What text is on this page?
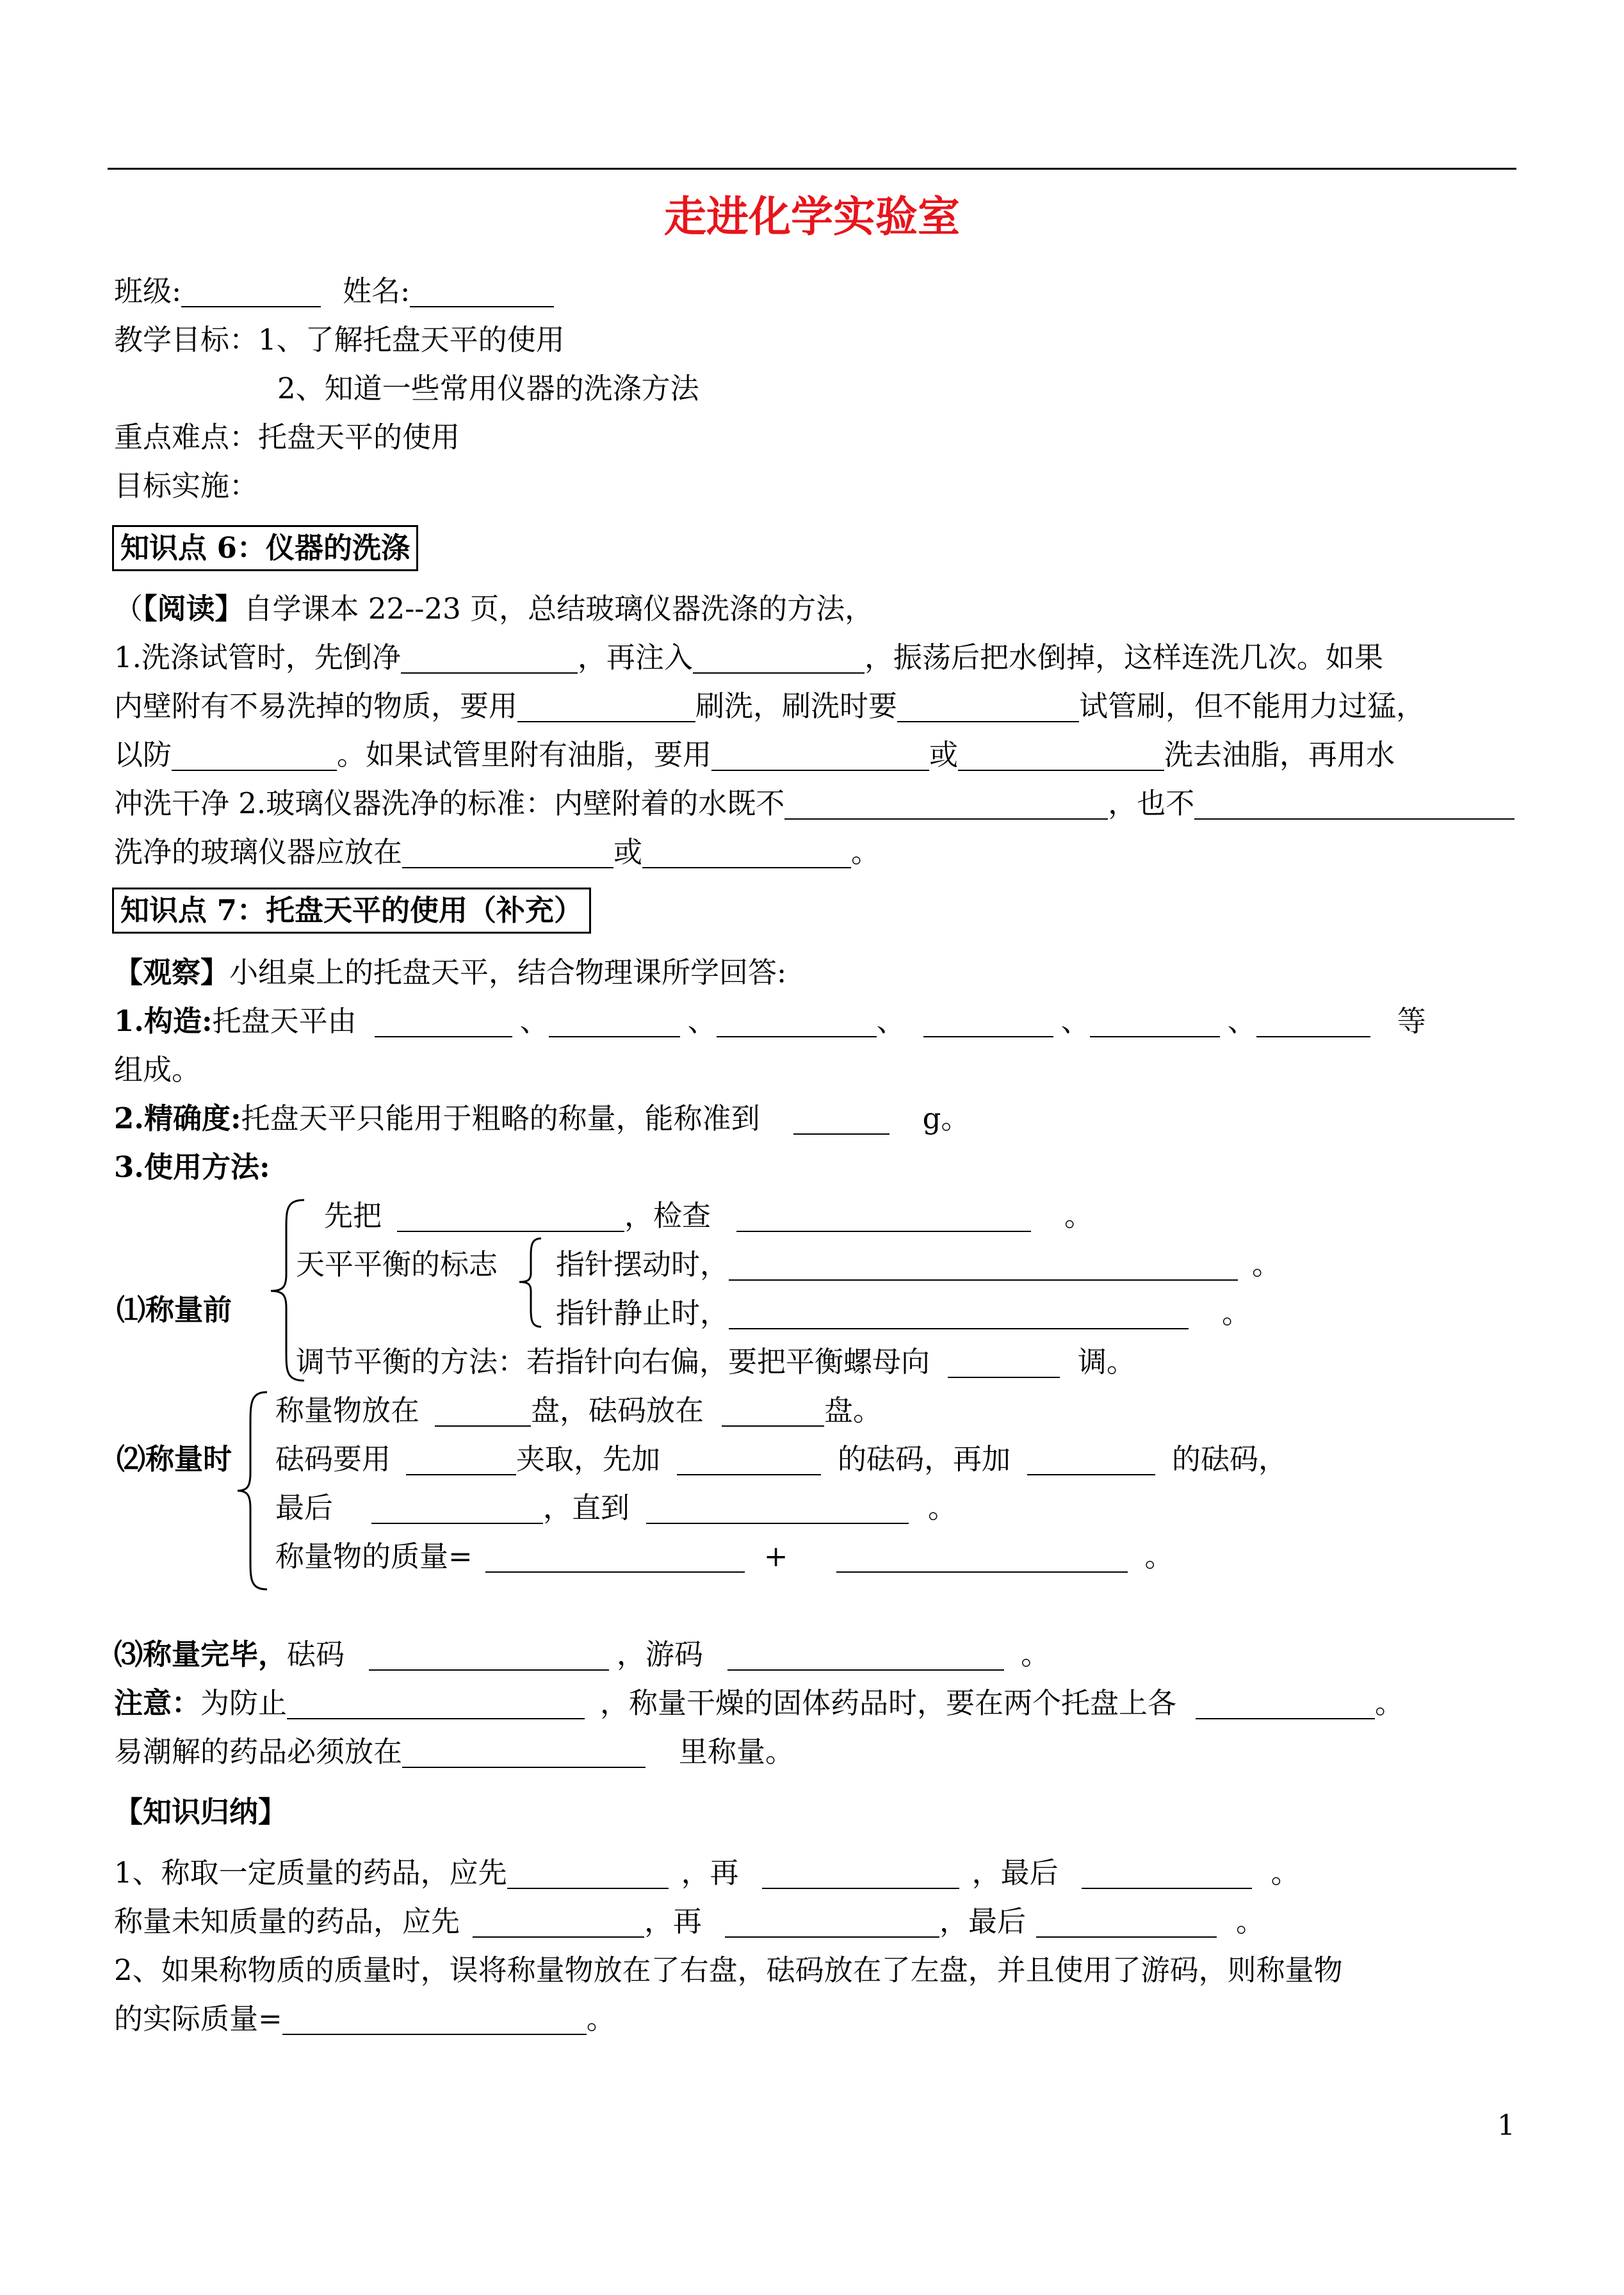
走进化学实验室
班级:	姓名:
教学目标：1、了解托盘天平的使用
2、知道一些常用仪器的洗涤方法
重点难点：托盘天平的使用
目标实施：
知识点 6：仪器的洗涤
（【阅读】自学课本 22--23 页，总结玻璃仪器洗涤的方法，
1.洗涤试管时，先倒净	，再注入	，振荡后把水倒掉，这样连洗几次。如果
内壁附有不易洗掉的物质，要用	刷洗，刷洗时要	试管刷，但不能用力过猛，
以防	。如果试管里附有油脂，要用	或	洗去油脂，再用水
冲洗干净 2.玻璃仪器洗净的标准：内壁附着的水既不	，也不
洗净的玻璃仪器应放在	或	。
知识点 7：托盘天平的使用（补充）
【观察】小组桌上的托盘天平，结合物理课所学回答:
1.构造:托盘天平由	、	、	、	、	、	等
组成。
2.精确度:托盘天平只能用于粗略的称量，能称准到	g。
3.使用方法:
⑴称量前
先把	，检查	。
天平平衡的标志 指针摆动时，	。
指针静止时，	。
调节平衡的方法：若指针向右偏，要把平衡螺母向	调。
⑵称量时
称量物放在	盘，砝码放在	盘。
砝码要用	夹取，先加	的砝码，再加	的砝码，
最后	，直到	。
称量物的质量=	+	。
⑶称量完毕，砝码	，游码	。
注意：为防止	，称量干燥的固体药品时，要在两个托盘上各	。
易潮解的药品必须放在	里称量。
【知识归纳】
1、称取一定质量的药品，应先	，再	，最后	。
称量未知质量的药品，应先	，再	，最后	。
2、如果称物质的质量时，误将称量物放在了右盘，砝码放在了左盘，并且使用了游码，则称量物
的实际质量=	。
1
